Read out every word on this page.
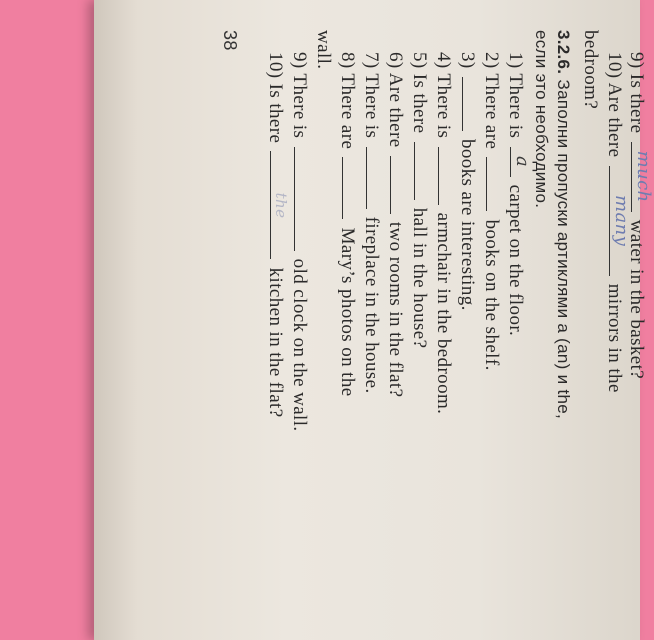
9) Is there
much
water in the basket?
10) Are there
many
mirrors in the
bedroom?
3.2.6. Заполни пропуски артиклями a (an) и the,
если это необходимо.
1) There is
a
carpet on the floor.
2) There are
books on the shelf.
3)
books are interesting.
4) There is
armchair in the bedroom.
5) Is there
hall in the house?
6) Are there
two rooms in the flat?
7) There is
fireplace in the house.
8) There are
Mary’s photos on the
wall.
9) There is
old clock on the wall.
10) Is there
the
kitchen in the flat?
38
